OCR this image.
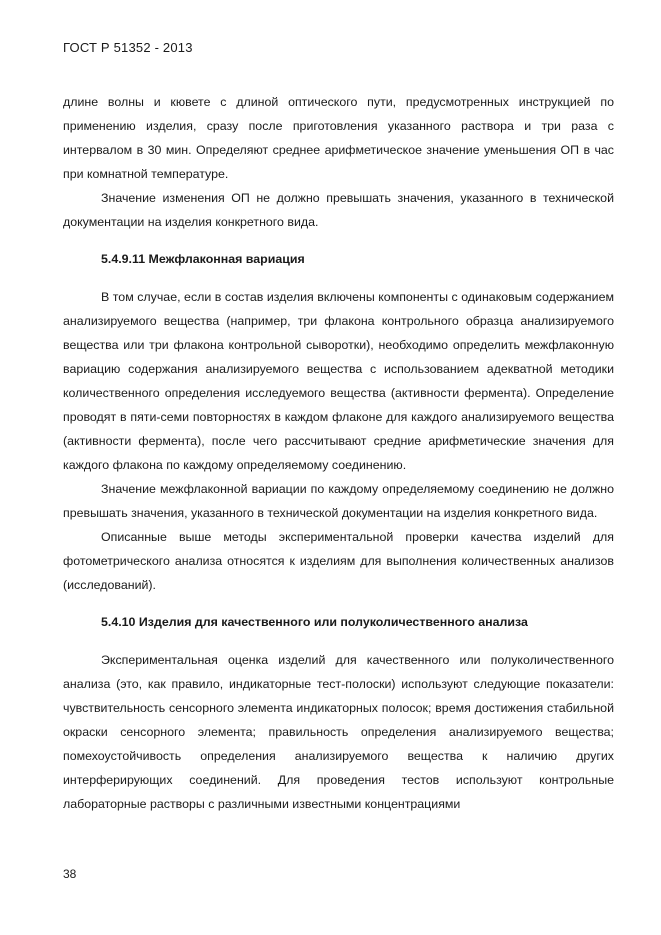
ГОСТ Р 51352 - 2013

длине волны и кювете с длиной оптического пути, предусмотренных инструкцией по применению изделия, сразу после приготовления указанного раствора и три раза с интервалом в 30 мин. Определяют среднее арифметическое значение уменьшения ОП в час при комнатной температуре.

Значение изменения ОП не должно превышать значения, указанного в технической документации на изделия конкретного вида.

5.4.9.11 Межфлаконная вариация

В том случае, если в состав изделия включены компоненты с одинаковым содержанием анализируемого вещества (например, три флакона контрольного образца анализируемого вещества или три флакона контрольной сыворотки), необходимо определить межфлаконную вариацию содержания анализируемого вещества с использованием адекватной методики количественного определения исследуемого вещества (активности фермента). Определение проводят в пяти-семи повторностях в каждом флаконе для каждого анализируемого вещества (активности фермента), после чего рассчитывают средние арифметические значения для каждого флакона по каждому определяемому соединению.

Значение межфлаконной вариации по каждому определяемому соединению не должно превышать значения, указанного в технической документации на изделия конкретного вида.

Описанные выше методы экспериментальной проверки качества изделий для фотометрического анализа относятся к изделиям для выполнения количественных анализов (исследований).

5.4.10 Изделия для качественного или полуколичественного анализа

Экспериментальная оценка изделий для качественного или полуколичественного анализа (это, как правило, индикаторные тест-полоски) используют следующие показатели: чувствительность сенсорного элемента индикаторных полосок; время достижения стабильной окраски сенсорного элемента; правильность определения анализируемого вещества; помехоустойчивость определения анализируемого вещества к наличию других интерферирующих соединений. Для проведения тестов используют контрольные лабораторные растворы с различными известными концентрациями

38
